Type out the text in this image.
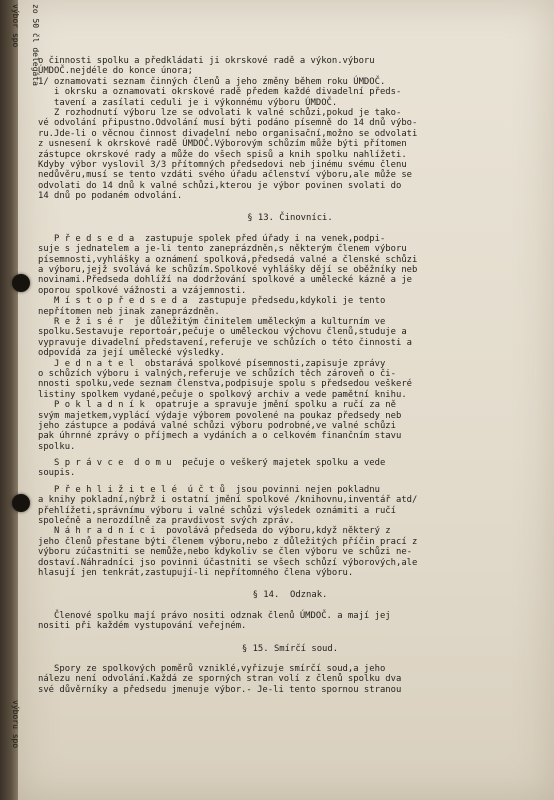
výbor spo	zo 50 čl delegáta
výboru spo
o činnosti spolku a předkládati ji okrskové radě a výkon.výboru
ÚMDOČ.nejdéle do konce února;
1/ oznamovati seznam činných členů a jeho změny během roku ÚMDOČ.
i okrsku a oznamovati okrskové radě předem každé divadelní předs-
tavení a zasílati ceduli je i výkonnému výboru ÚMDOČ.
Z rozhodnutí výboru lze se odvolati k valné schůzi,pokud je tako-
vé odvolání připustno.Odvolání musí býti podáno písemně do 14 dnů výbo-
ru.Jde-li o věcnou činnost divadelní nebo organisační,možno se odvolati
z usnesení k okrskové radě ÚMDOČ.Výborovým schůzím může býti přítomen
zástupce okrskové rady a může do všech spisů a knih spolku nahlížeti.
Kdyby výbor vyslovil 3/3 přítomných předsedovi neb jinému svému členu
nedůvěru,musí se tento vzdáti svého úřadu ačlenství výboru,ale může se
odvolati do 14 dnů k valné schůzi,kterou je výbor povinen svolati do
14 dnů po podaném odvolání.
§ 13. Činovníci.
P ř e d s e d a  zastupuje spolek před úřady i na venek,podpi-
suje s jednatelem a je-li tento zaneprázdněn,s některým členem výboru
písemnosti,vyhlášky a oznámení spolková,předsedá valné a členské schůzi
a výboru,jejž svolává ke schůzím.Spolkové vyhlášky dějí se oběžníky neb
novinami.Předseda dohlíží na dodržování spolkové a umělecké kázně a je
oporou spolkové vážnosti a vzájemnosti.
M í s t o p ř e d s e d a  zastupuje předsedu,kdykoli je tento
nepřítomen neb jinak zaneprázdněn.
R e ž i s é r  je důležitým činitelem uměleckým a kulturním ve
spolku.Sestavuje reportoár,pečuje o uměleckou výchovu členů,studuje a
vypravuje divadelní představení,referuje ve schůzích o této činnosti a
odpovídá za její umělecké výsledky.
J e d n a t e l  obstarává spolkové písemnosti,zapisuje zprávy
o schůzích výboru i valných,referuje ve schůzích těch zároveň o či-
nnosti spolku,vede seznam členstva,podpisuje spolu s předsedou veškeré
listiny spolkem vydané,pečuje o spolkový archiv a vede pamětní knihu.
P o k l a d n í k  opatruje a spravuje jmění spolku a ručí za ně
svým majetkem,vyplácí výdaje výborem povolené na poukaz předsedy neb
jeho zástupce a podává valné schůzi výboru podrobné,ve valné schůzi
pak úhrnné zprávy o příjmech a vydáních a o celkovém finančním stavu
spolku.
S p r á v c e  d o m u  pečuje o veškerý majetek spolku a vede
soupis.
P ř e h l i ž i t e l é  ú č t ů  jsou povinni nejen pokladnu
a knihy pokladní,nýbrž i ostatní jmění spolkové /knihovnu,inventář atd/
přehlížeti,správnímu výboru i valné schůzi výsledek oznámiti a ručí
společně a nerozdílně za pravdivost svých zpráv.
N á h r a d n í c i  povolává předseda do výboru,když některý z
jeho členů přestane býti členem výboru,nebo z důležitých příčin prací z
výboru zúčastniti se nemůže,nebo kdykoliv se člen výboru ve schůzi ne-
dostaví.Náhradníci jso povinni účastniti se všech schůzí výborových,ale
hlasují jen tenkrát,zastupují-li nepřítomného člena výboru.
§ 14.  Odznak.
Členové spolku mají právo nositi odznak členů ÚMDOČ. a mají jej
nositi při každém vystupování veřejném.
§ 15. Smírčí soud.
Spory ze spolkových poměrů vzniklé,vyřizuje smírčí soud,a jeho
nálezu není odvolání.Každá ze sporných stran volí z členů spolku dva
své důvěrníky a předsedu jmenuje výbor.- Je-li tento spornou stranou
